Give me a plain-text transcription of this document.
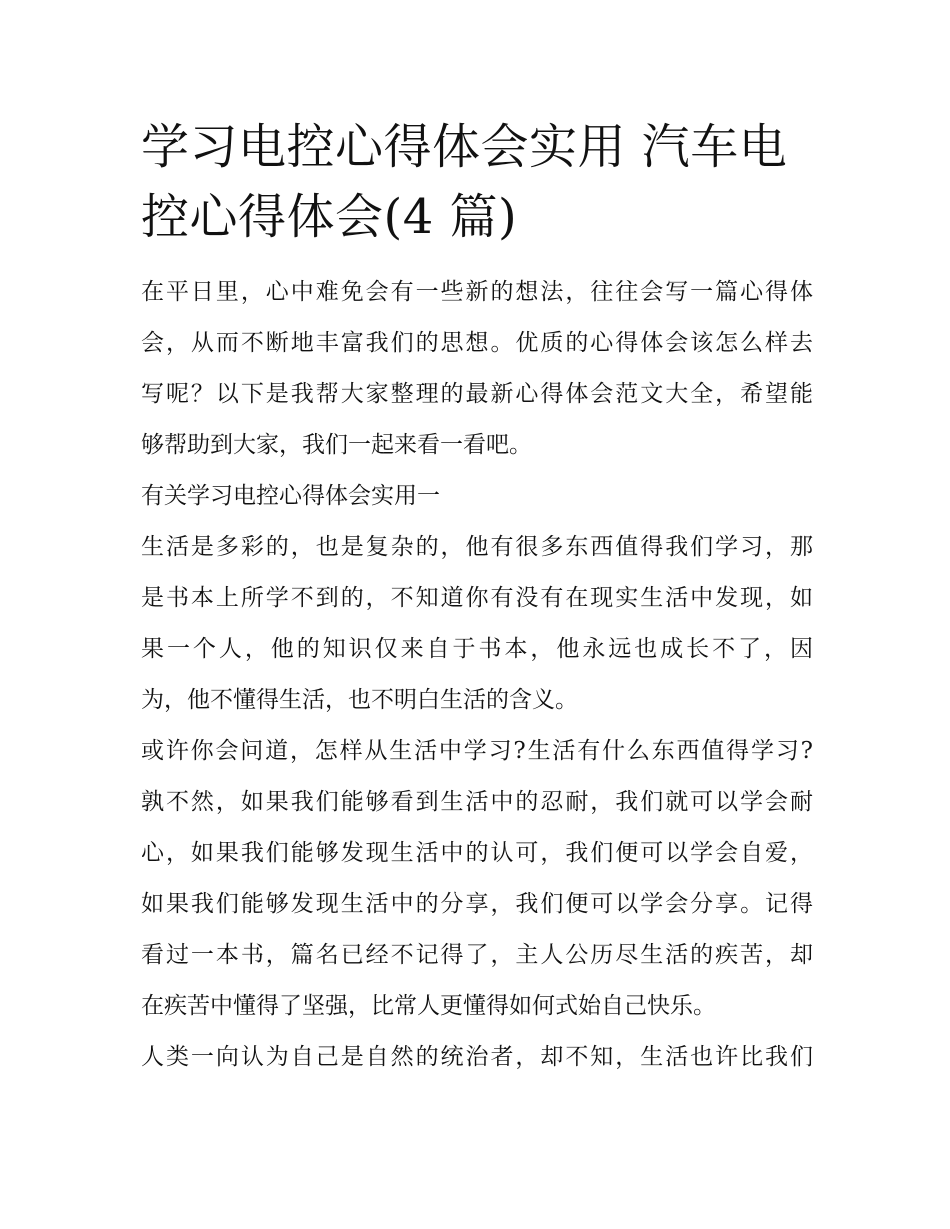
学习电控心得体会实用 汽车电
控心得体会(4 篇)

在平日里，心中难免会有一些新的想法，往往会写一篇心得体
会，从而不断地丰富我们的思想。优质的心得体会该怎么样去
写呢？以下是我帮大家整理的最新心得体会范文大全，希望能
够帮助到大家，我们一起来看一看吧。

有关学习电控心得体会实用一

生活是多彩的，也是复杂的，他有很多东西值得我们学习，那
是书本上所学不到的，不知道你有没有在现实生活中发现，如
果一个人，他的知识仅来自于书本，他永远也成长不了，因
为，他不懂得生活，也不明白生活的含义。

或许你会问道，怎样从生活中学习?生活有什么东西值得学习?
孰不然，如果我们能够看到生活中的忍耐，我们就可以学会耐
心，如果我们能够发现生活中的认可，我们便可以学会自爱，
如果我们能够发现生活中的分享，我们便可以学会分享。记得
看过一本书，篇名已经不记得了，主人公历尽生活的疾苦，却
在疾苦中懂得了坚强，比常人更懂得如何式始自己快乐。

人类一向认为自己是自然的统治者，却不知，生活也许比我们
